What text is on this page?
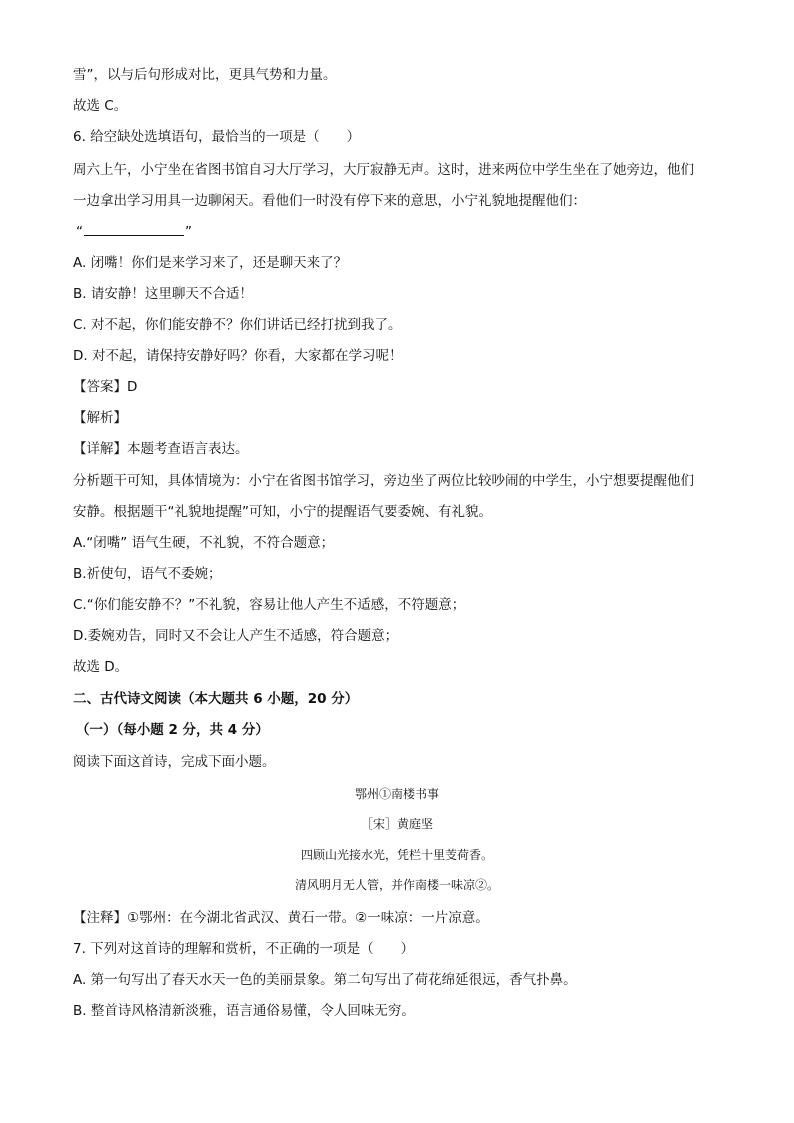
雪”，以与后句形成对比，更具气势和力量。
故选 C。
6. 给空缺处选填语句，最恰当的一项是（　　）
周六上午，小宁坐在省图书馆自习大厅学习，大厅寂静无声。这时，进来两位中学生坐在了她旁边，他们
一边拿出学习用具一边聊闲天。看他们一时没有停下来的意思，小宁礼貌地提醒他们：
“	”
A. 闭嘴！你们是来学习来了，还是聊天来了？
B. 请安静！这里聊天不合适！
C. 对不起，你们能安静不？你们讲话已经打扰到我了。
D. 对不起，请保持安静好吗？你看，大家都在学习呢！
【答案】D
【解析】
【详解】本题考查语言表达。
分析题干可知，具体情境为：小宁在省图书馆学习，旁边坐了两位比较吵闹的中学生，小宁想要提醒他们
安静。根据题干“礼貌地提醒”可知，小宁的提醒语气要委婉、有礼貌。
A.“闭嘴” 语气生硬，不礼貌，不符合题意；
B.祈使句，语气不委婉；
C.“你们能安静不？”不礼貌，容易让他人产生不适感，不符题意；
D.委婉劝告，同时又不会让人产生不适感，符合题意；
故选 D。
二、古代诗文阅读（本大题共 6 小题，20 分）
（一）（每小题 2 分，共 4 分）
阅读下面这首诗，完成下面小题。
鄂州①南楼书事
［宋］黄庭坚
四顾山光接水光，凭栏十里芰荷香。
清风明月无人管，并作南楼一味凉②。
【注释】①鄂州：在今湖北省武汉、黄石一带。②一味凉：一片凉意。
7. 下列对这首诗的理解和赏析，不正确的一项是（　　）
A. 第一句写出了春天水天一色的美丽景象。第二句写出了荷花绵延很远，香气扑鼻。
B. 整首诗风格清新淡雅，语言通俗易懂，令人回味无穷。
